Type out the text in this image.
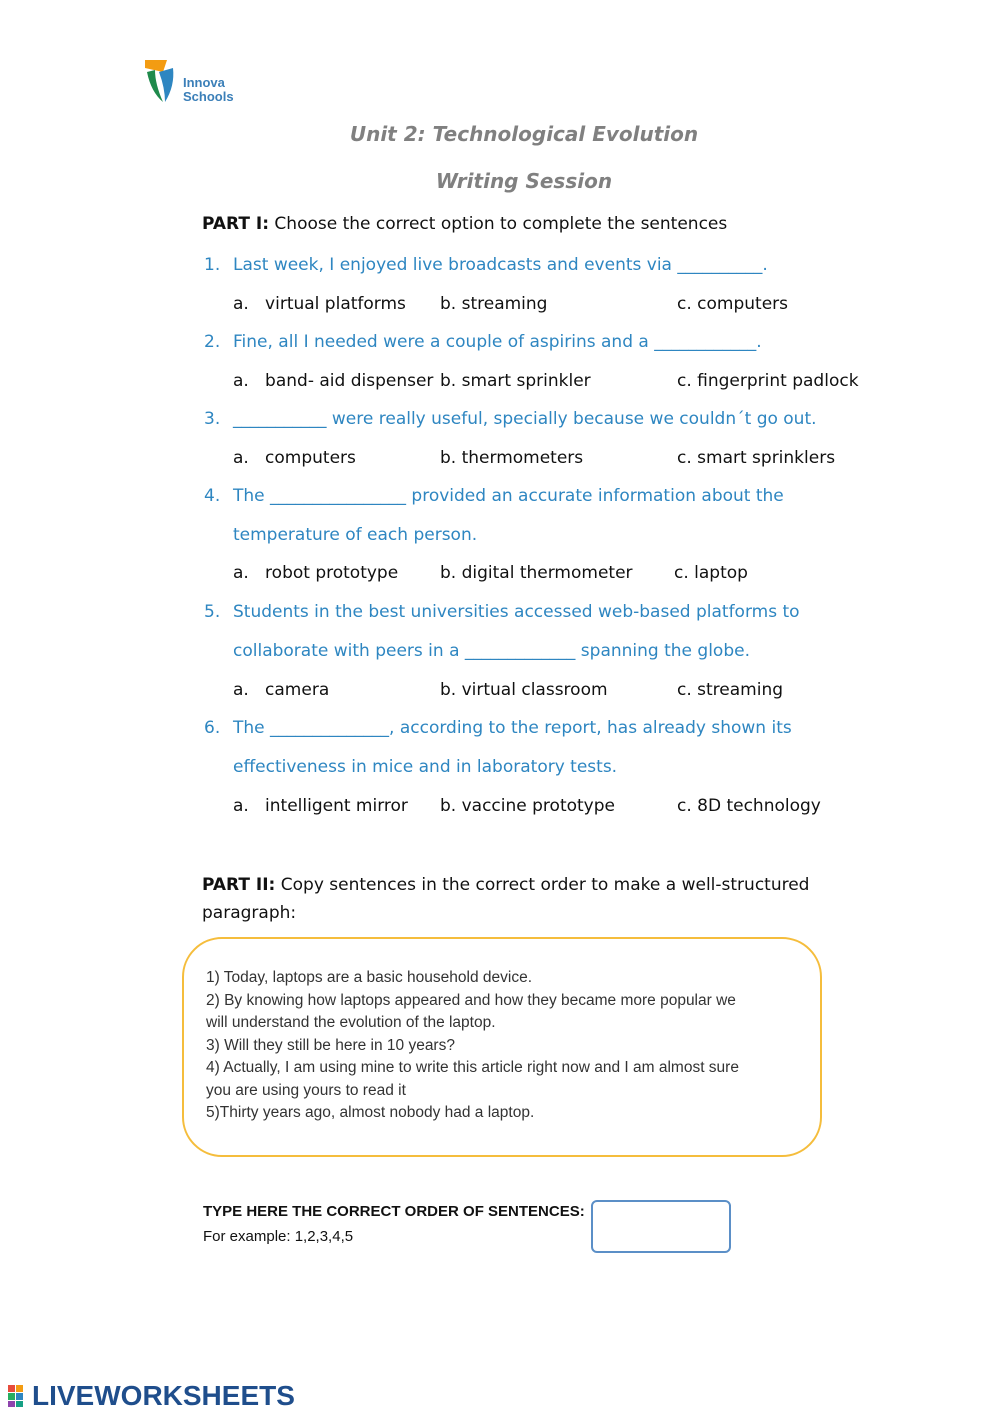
Innova
Schools
Unit 2: Technological Evolution
Writing Session
PART I: Choose the correct option to complete the sentences
1. Last week, I enjoyed live broadcasts and events via __________.
a. virtual platforms b. streaming	c. computers
2. Fine, all I needed were a couple of aspirins and a ____________.
a. band- aid dispenser b. smart sprinkler	c. fingerprint padlock
3. ___________ were really useful, specially because we couldn´t go out.
a. computers	b. thermometers	c. smart sprinklers
4. The ________________ provided an accurate information about the
temperature of each person.
a. robot prototype b. digital thermometer c. laptop
5. Students in the best universities accessed web-based platforms to
collaborate with peers in a _____________ spanning the globe.
a. camera	b. virtual classroom	c. streaming
6. The ______________, according to the report, has already shown its
effectiveness in mice and in laboratory tests.
a. intelligent mirror b. vaccine prototype	c. 8D technology
PART II: Copy sentences in the correct order to make a well-structured
paragraph:
1) Today, laptops are a basic household device.
2) By knowing how laptops appeared and how they became more popular we
will understand the evolution of the laptop.
3) Will they still be here in 10 years?
4) Actually, I am using mine to write this article right now and I am almost sure
you are using yours to read it
5)Thirty years ago, almost nobody had a laptop.
TYPE HERE THE CORRECT ORDER OF SENTENCES:
For example: 1,2,3,4,5
LIVEWORKSHEETS
